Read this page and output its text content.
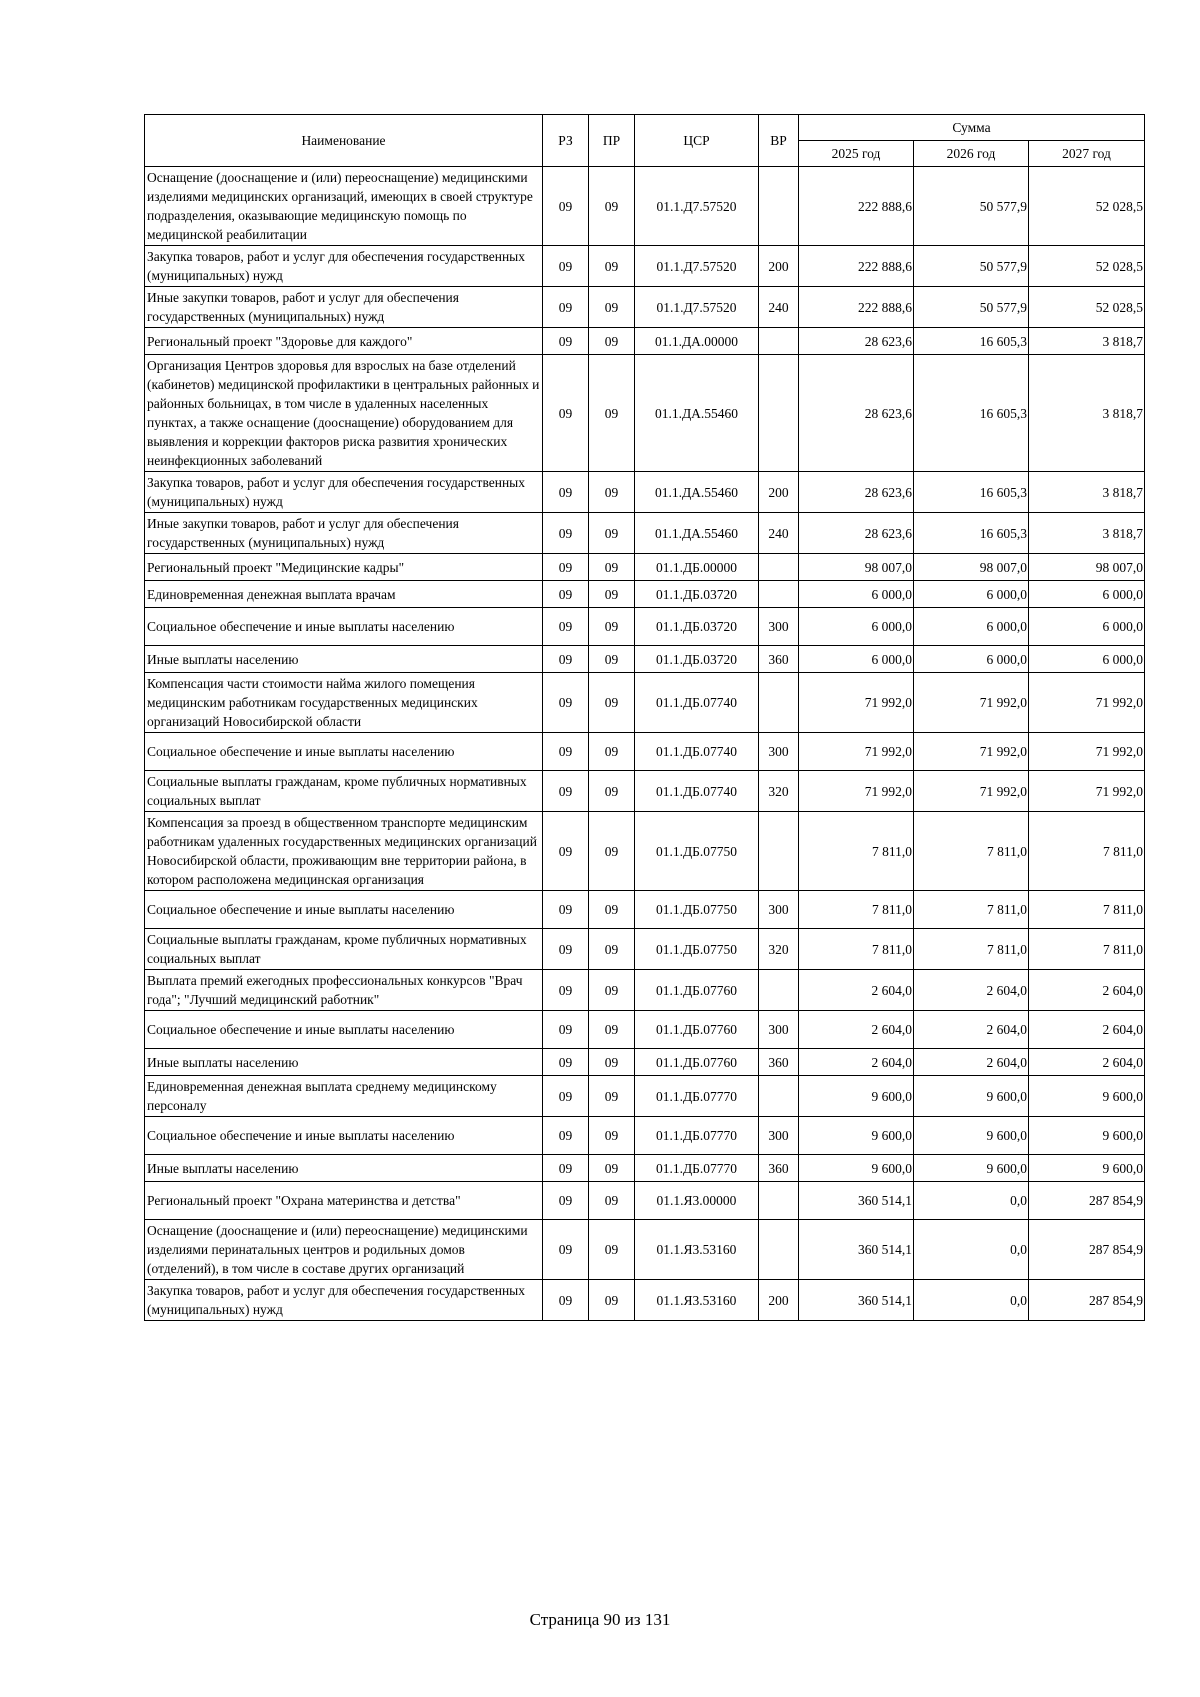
Наименование	РЗ	ПР	ЦСР	ВР	Сумма		
					2025 год	2026 год	2027 год
Оснащение (дооснащение и (или) переоснащение) медицинскими изделиями медицинских организаций, имеющих в своей структуре подразделения, оказывающие медицинскую помощь по медицинской реабилитации	09	09	01.1.Д7.57520		222 888,6	50 577,9	52 028,5
Закупка товаров, работ и услуг для обеспечения государственных (муниципальных) нужд	09	09	01.1.Д7.57520	200	222 888,6	50 577,9	52 028,5
Иные закупки товаров, работ и услуг для обеспечения государственных (муниципальных) нужд	09	09	01.1.Д7.57520	240	222 888,6	50 577,9	52 028,5
Региональный проект "Здоровье для каждого"	09	09	01.1.ДА.00000		28 623,6	16 605,3	3 818,7
Организация Центров здоровья для взрослых на базе отделений (кабинетов) медицинской профилактики в центральных районных и районных больницах, в том числе в удаленных населенных пунктах, а также оснащение (дооснащение) оборудованием для выявления и коррекции факторов риска развития хронических неинфекционных заболеваний	09	09	01.1.ДА.55460		28 623,6	16 605,3	3 818,7
Закупка товаров, работ и услуг для обеспечения государственных (муниципальных) нужд	09	09	01.1.ДА.55460	200	28 623,6	16 605,3	3 818,7
Иные закупки товаров, работ и услуг для обеспечения государственных (муниципальных) нужд	09	09	01.1.ДА.55460	240	28 623,6	16 605,3	3 818,7
Региональный проект "Медицинские кадры"	09	09	01.1.ДБ.00000		98 007,0	98 007,0	98 007,0
Единовременная денежная выплата врачам	09	09	01.1.ДБ.03720		6 000,0	6 000,0	6 000,0
Социальное обеспечение и иные выплаты населению	09	09	01.1.ДБ.03720	300	6 000,0	6 000,0	6 000,0
Иные выплаты населению	09	09	01.1.ДБ.03720	360	6 000,0	6 000,0	6 000,0
Компенсация части стоимости найма жилого помещения медицинским работникам государственных медицинских организаций Новосибирской области	09	09	01.1.ДБ.07740		71 992,0	71 992,0	71 992,0
Социальное обеспечение и иные выплаты населению	09	09	01.1.ДБ.07740	300	71 992,0	71 992,0	71 992,0
Социальные выплаты гражданам, кроме публичных нормативных социальных выплат	09	09	01.1.ДБ.07740	320	71 992,0	71 992,0	71 992,0
Компенсация за проезд в общественном транспорте медицинским работникам удаленных государственных медицинских организаций Новосибирской области, проживающим вне территории района, в котором расположена медицинская организация	09	09	01.1.ДБ.07750		7 811,0	7 811,0	7 811,0
Социальное обеспечение и иные выплаты населению	09	09	01.1.ДБ.07750	300	7 811,0	7 811,0	7 811,0
Социальные выплаты гражданам, кроме публичных нормативных социальных выплат	09	09	01.1.ДБ.07750	320	7 811,0	7 811,0	7 811,0
Выплата премий ежегодных профессиональных конкурсов "Врач года"; "Лучший медицинский работник"	09	09	01.1.ДБ.07760		2 604,0	2 604,0	2 604,0
Социальное обеспечение и иные выплаты населению	09	09	01.1.ДБ.07760	300	2 604,0	2 604,0	2 604,0
Иные выплаты населению	09	09	01.1.ДБ.07760	360	2 604,0	2 604,0	2 604,0
Единовременная денежная выплата среднему медицинскому персоналу	09	09	01.1.ДБ.07770		9 600,0	9 600,0	9 600,0
Социальное обеспечение и иные выплаты населению	09	09	01.1.ДБ.07770	300	9 600,0	9 600,0	9 600,0
Иные выплаты населению	09	09	01.1.ДБ.07770	360	9 600,0	9 600,0	9 600,0
Региональный проект "Охрана материнства и детства"	09	09	01.1.Я3.00000		360 514,1	0,0	287 854,9
Оснащение (дооснащение и (или) переоснащение) медицинскими изделиями перинатальных центров и родильных домов (отделений), в том числе в составе других организаций	09	09	01.1.Я3.53160		360 514,1	0,0	287 854,9
Закупка товаров, работ и услуг для обеспечения государственных (муниципальных) нужд	09	09	01.1.Я3.53160	200	360 514,1	0,0	287 854,9
Страница 90 из 131
